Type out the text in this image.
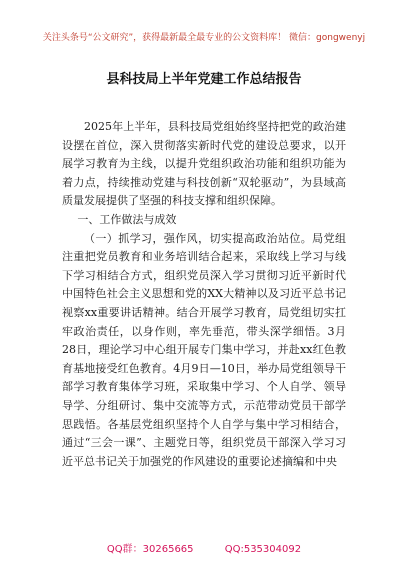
关注头条号“公文研究”，获得最新最全最专业的公文资料库！ 微信：gongwenyj
县科技局上半年党建工作总结报告

2025年上半年，县科技局党组始终坚持把党的政治建设摆在首位，深入贯彻落实新时代党的建设总要求，以开展学习教育为主线，以提升党组织政治功能和组织功能为着力点，持续推动党建与科技创新“双轮驱动”，为县域高质量发展提供了坚强的科技支撑和组织保障。

一、工作做法与成效

（一）抓学习，强作风，切实提高政治站位。局党组注重把党员教育和业务培训结合起来，采取线上学习与线下学习相结合方式，组织党员深入学习贯彻习近平新时代中国特色社会主义思想和党的XX大精神以及习近平总书记视察xx重要讲话精神。结合开展学习教育，局党组切实扛牢政治责任，以身作则，率先垂范，带头深学细悟。3月28日，理论学习中心组开展专门集中学习，并赴xx红色教育基地接受红色教育。4月9日—10日，举办局党组领导干部学习教育集体学习班，采取集中学习、个人自学、领导导学、分组研讨、集中交流等方式，示范带动党员干部学思践悟。各基层党组织坚持个人自学与集中学习相结合，通过“三会一课”、主题党日等，组织党员干部深入学习习近平总书记关于加强党的作风建设的重要论述摘编和中央

QQ群：30265665	QQ:535304092
